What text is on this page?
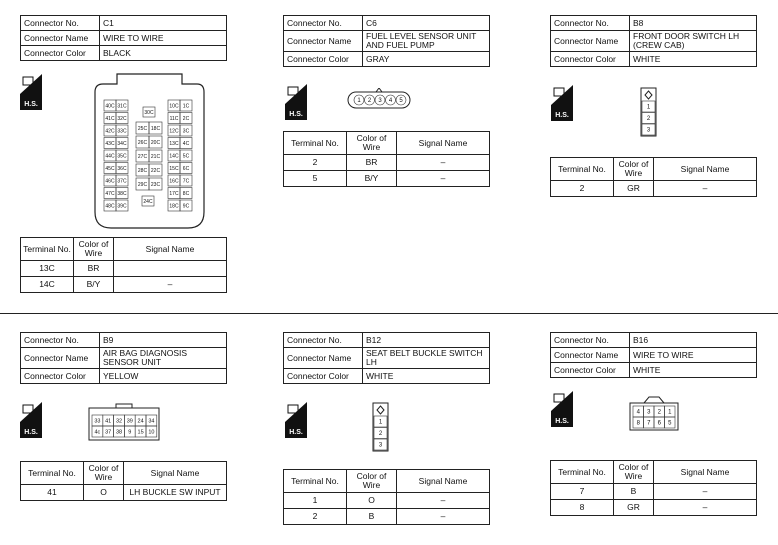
Connector No.	C1
Connector Name	WIRE TO WIRE
Connector Color	BLACK
H.S.	40C 31C
41C 32C
42C 33C
43C 34C
44C 35C
45C 36C
46C 37C
47C 38C
48C 39C
30C
25C 18C
26C 20C
27C 21C
28C 22C
29C 23C
24C
10C 1C
11C 2C
12C 3C
13C 4C
14C 5C
15C 6C
16C 7C
17C 8C
18C 9C
Terminal No.	Color of Wire	Signal Name
13C	BR	
14C	B/Y	–
Connector No.	C6
Connector Name	FUEL LEVEL SENSOR UNIT AND FUEL PUMP
Connector Color	GRAY
H.S.
1 2 3 4 5
Terminal No.	Color of Wire	Signal Name
2	BR	–
5	B/Y	–
Connector No.	B8
Connector Name	FRONT DOOR SWITCH LH (CREW CAB)
Connector Color	WHITE
H.S.
1
2
3
Terminal No.	Color of Wire	Signal Name
2	GR	–
Connector No.	B9
Connector Name	AIR BAG DIAGNOSIS SENSOR UNIT
Connector Color	YELLOW
H.S.
33 41 32 39 24 34
4c 37 38 9 15 10
Terminal No.	Color of Wire	Signal Name
41	O	LH BUCKLE SW INPUT
Connector No.	B12
Connector Name	SEAT BELT BUCKLE SWITCH LH
Connector Color	WHITE
H.S.
1
2
3
Terminal No.	Color of Wire	Signal Name
1	O	–
2	B	–
Connector No.	B16
Connector Name	WIRE TO WIRE
Connector Color	WHITE
H.S.
4 3 2 1
8 7 6 5
Terminal No.	Color of Wire	Signal Name
7	B	–
8	GR	–
